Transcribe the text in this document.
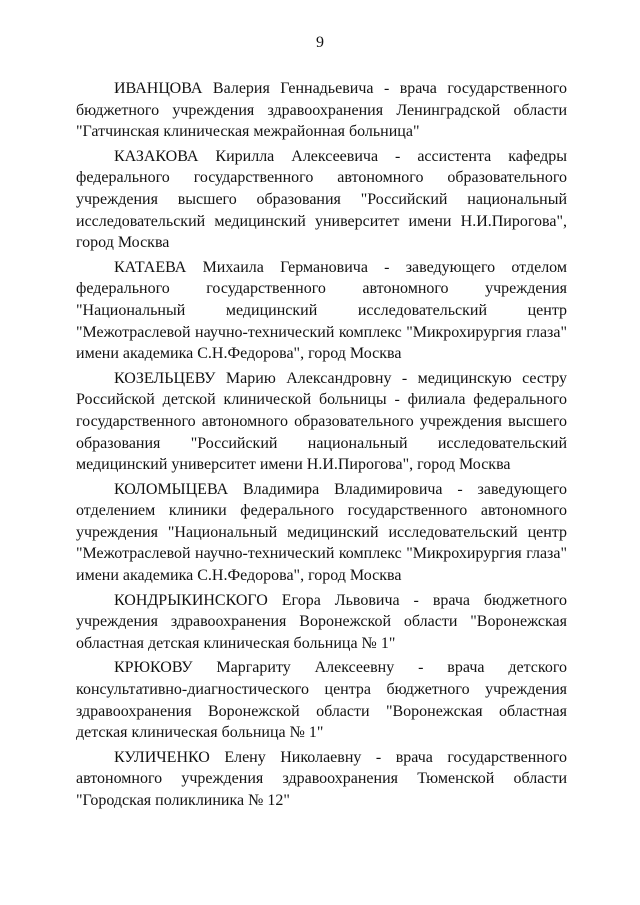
9

ИВАНЦОВА Валерия Геннадьевича - врача государственного бюджетного учреждения здравоохранения Ленинградской области "Гатчинская клиническая межрайонная больница"

КАЗАКОВА Кирилла Алексеевича - ассистента кафедры федерального государственного автономного образовательного учреждения высшего образования "Российский национальный исследовательский медицинский университет имени Н.И.Пирогова", город Москва

КАТАЕВА Михаила Германовича - заведующего отделом федерального государственного автономного учреждения "Национальный медицинский исследовательский центр "Межотраслевой научно-технический комплекс "Микрохирургия глаза" имени академика С.Н.Федорова", город Москва

КОЗЕЛЬЦЕВУ Марию Александровну - медицинскую сестру Российской детской клинической больницы - филиала федерального государственного автономного образовательного учреждения высшего образования "Российский национальный исследовательский медицинский университет имени Н.И.Пирогова", город Москва

КОЛОМЫЦЕВА Владимира Владимировича - заведующего отделением клиники федерального государственного автономного учреждения "Национальный медицинский исследовательский центр "Межотраслевой научно-технический комплекс "Микрохирургия глаза" имени академика С.Н.Федорова", город Москва

КОНДРЫКИНСКОГО Егора Львовича - врача бюджетного учреждения здравоохранения Воронежской области "Воронежская областная детская клиническая больница № 1"

КРЮКОВУ Маргариту Алексеевну - врача детского консультативно-диагностического центра бюджетного учреждения здравоохранения Воронежской области "Воронежская областная детская клиническая больница № 1"

КУЛИЧЕНКО Елену Николаевну - врача государственного автономного учреждения здравоохранения Тюменской области "Городская поликлиника № 12"
